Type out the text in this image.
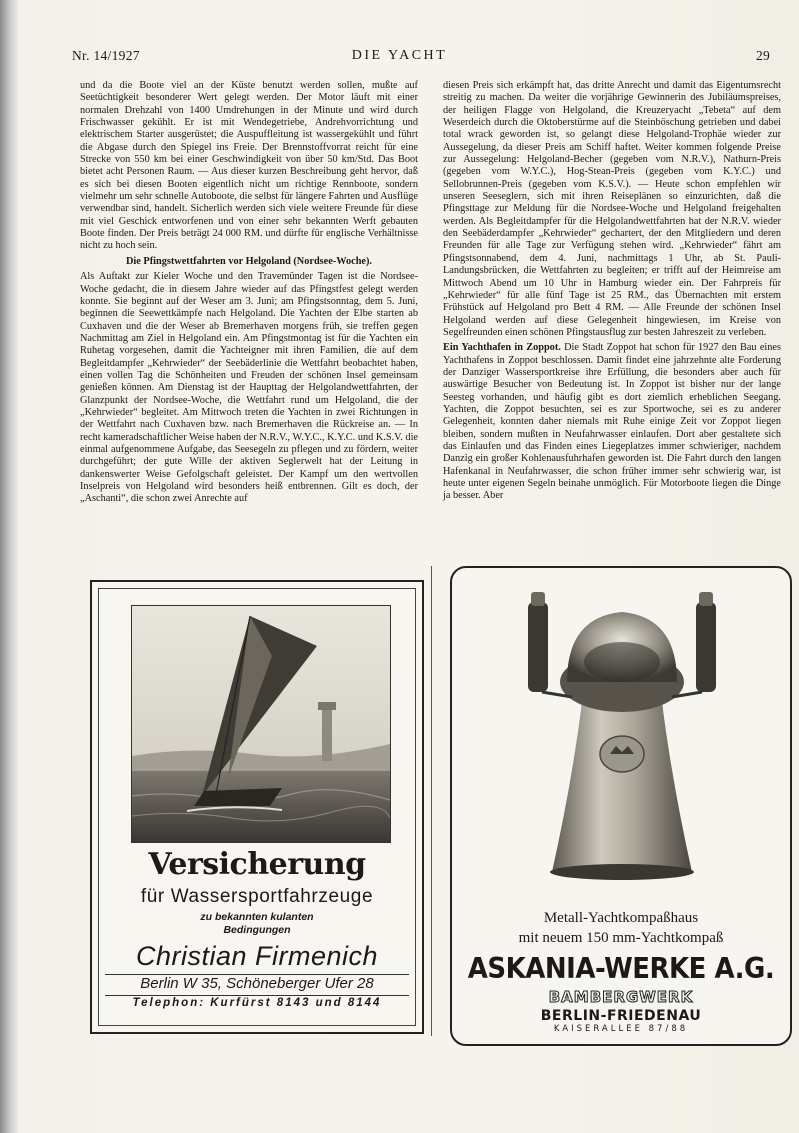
Nr. 14/1927	DIE YACHT	29

und da die Boote viel an der Küste benutzt werden sollen, mußte auf Seetüchtigkeit besonderer Wert gelegt werden. Der Motor läuft mit einer normalen Drehzahl von 1400 Umdrehungen in der Minute und wird durch Frischwasser gekühlt. Er ist mit Wendegetriebe, Andrehvorrichtung und elektrischem Starter ausgerüstet; die Auspuffleitung ist wassergekühlt und führt die Abgase durch den Spiegel ins Freie. Der Brennstoffvorrat reicht für eine Strecke von 550 km bei einer Geschwindigkeit von über 50 km/Std. Das Boot bietet acht Personen Raum. — Aus dieser kurzen Beschreibung geht hervor, daß es sich bei diesen Booten eigentlich nicht um richtige Rennboote, sondern vielmehr um sehr schnelle Autoboote, die selbst für längere Fahrten und Ausflüge verwendbar sind, handelt. Sicherlich werden sich viele weitere Freunde für diese mit viel Geschick entworfenen und von einer sehr bekannten Werft gebauten Boote finden. Der Preis beträgt 24 000 RM. und dürfte für englische Verhältnisse nicht zu hoch sein.

Die Pfingstwettfahrten vor Helgoland (Nordsee-Woche).

Als Auftakt zur Kieler Woche und den Travemünder Tagen ist die Nordsee-Woche gedacht, die in diesem Jahre wieder auf das Pfingstfest gelegt werden konnte. Sie beginnt auf der Weser am 3. Juni; am Pfingstsonntag, dem 5. Juni, beginnen die Seewettkämpfe nach Helgoland. Die Yachten der Elbe starten ab Cuxhaven und die der Weser ab Bremerhaven morgens früh, sie treffen gegen Nachmittag am Ziel in Helgoland ein. Am Pfingstmontag ist für die Yachten ein Ruhetag vorgesehen, damit die Yachteigner mit ihren Familien, die auf dem Begleitdampfer „Kehrwieder“ der Seebäderlinie die Wettfahrt beobachtet haben, einen vollen Tag die Schönheiten und Freuden der schönen Insel gemeinsam genießen können. Am Dienstag ist der Haupttag der Helgolandwettfahrten, der Glanzpunkt der Nordsee-Woche, die Wettfahrt rund um Helgoland, die der „Kehrwieder“ begleitet. Am Mittwoch treten die Yachten in zwei Richtungen in der Wettfahrt nach Cuxhaven bzw. nach Bremerhaven die Rückreise an. — In recht kameradschaftlicher Weise haben der N.R.V., W.Y.C., K.Y.C. und K.S.V. die einmal aufgenommene Aufgabe, das Seesegeln zu pflegen und zu fördern, weiter durchgeführt; der gute Wille der aktiven Seglerwelt hat der Leitung in dankenswerter Weise Gefolgschaft geleistet. Der Kampf um den wertvollen Inselpreis von Helgoland wird besonders heiß entbrennen. Gilt es doch, der „Aschanti“, die schon zwei Anrechte auf

diesen Preis sich erkämpft hat, das dritte Anrecht und damit das Eigentumsrecht streitig zu machen. Da weiter die vorjährige Gewinnerin des Jubiläumspreises, der heiligen Flagge von Helgoland, die Kreuzeryacht „Tebeta“ auf dem Weserdeich durch die Oktoberstürme auf die Steinböschung getrieben und dabei total wrack geworden ist, so gelangt diese Helgoland-Trophäe wieder zur Aussegelung, da dieser Preis am Schiff haftet. Weiter kommen folgende Preise zur Aussegelung: Helgoland-Becher (gegeben vom N.R.V.), Nathurn-Preis (gegeben vom W.Y.C.), Hog-Stean-Preis (gegeben vom K.Y.C.) und Sellobrunnen-Preis (gegeben vom K.S.V.). — Heute schon empfehlen wir unseren Seeseglern, sich mit ihren Reiseplänen so einzurichten, daß die Pfingsttage zur Meldung für die Nordsee-Woche und Helgoland freigehalten werden. Als Begleitdampfer für die Helgolandwettfahrten hat der N.R.V. wieder den Seebäderdampfer „Kehrwieder“ gechartert, der den Mitgliedern und deren Freunden für alle Tage zur Verfügung stehen wird. „Kehrwieder“ fährt am Pfingstsonnabend, dem 4. Juni, nachmittags 1 Uhr, ab St. Pauli-Landungsbrücken, die Wettfahrten zu begleiten; er trifft auf der Heimreise am Mittwoch Abend um 10 Uhr in Hamburg wieder ein. Der Fahrpreis für „Kehrwieder“ für alle fünf Tage ist 25 RM., das Übernachten mit erstem Frühstück auf Helgoland pro Bett 4 RM. — Alle Freunde der schönen Insel Helgoland werden auf diese Gelegenheit hingewiesen, im Kreise von Segelfreunden einen schönen Pfingstausflug zur besten Jahreszeit zu verleben.

Ein Yachthafen in Zoppot. Die Stadt Zoppot hat schon für 1927 den Bau eines Yachthafens in Zoppot beschlossen. Damit findet eine jahrzehnte alte Forderung der Danziger Wassersportkreise ihre Erfüllung, die besonders aber auch für auswärtige Besucher von Bedeutung ist. In Zoppot ist bisher nur der lange Seesteg vorhanden, und häufig gibt es dort ziemlich erheblichen Seegang. Yachten, die Zoppot besuchten, sei es zur Sportwoche, sei es zu anderer Gelegenheit, konnten daher niemals mit Ruhe einige Zeit vor Zoppot liegen bleiben, sondern mußten in Neufahrwasser einlaufen. Dort aber gestaltete sich das Einlaufen und das Finden eines Liegeplatzes immer schwieriger, nachdem Danzig ein großer Kohlenausfuhrhafen geworden ist. Die Fahrt durch den langen Hafenkanal in Neufahrwasser, die schon früher immer sehr schwierig war, ist heute unter eigenen Segeln beinahe unmöglich. Für Motorboote liegen die Dinge ja besser. Aber

Versicherung
für Wassersportfahrzeuge
zu bekannten kulanten
Bedingungen
Christian Firmenich
Berlin W 35, Schöneberger Ufer 28
Telephon: Kurfürst 8143 und 8144
Metall-Yachtkompaßhaus
mit neuem 150 mm-Yachtkompaß
ASKANIA-WERKE A.G.
BAMBERGWERK
BERLIN-FRIEDENAU
KAISERALLEE 87/88
